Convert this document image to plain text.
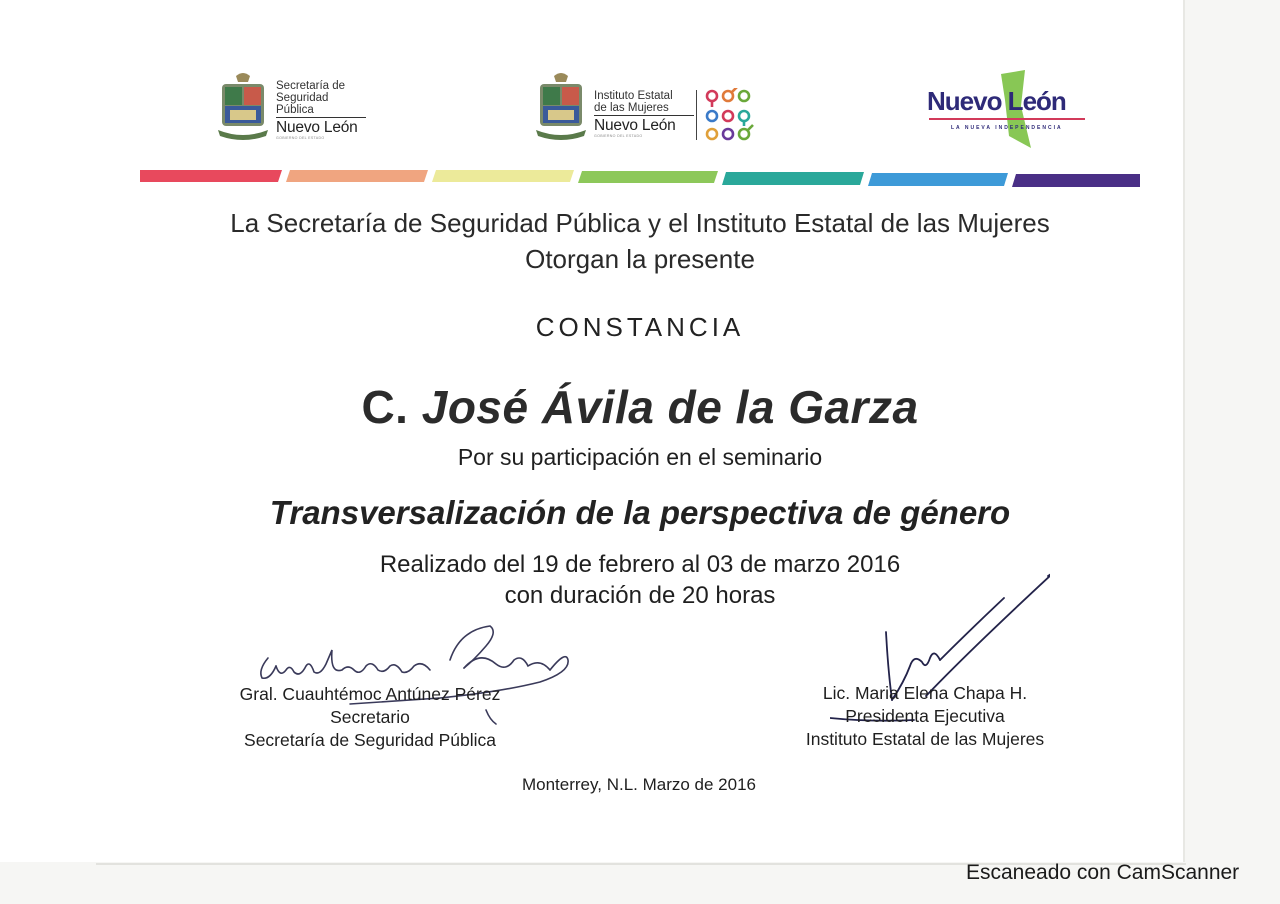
Secretaría de
Seguridad
Pública
Nuevo León
GOBIERNO DEL ESTADO
Instituto Estatal
de las Mujeres
Nuevo León
GOBIERNO DEL ESTADO
Nuevo León
LA NUEVA INDEPENDENCIA
La Secretaría de Seguridad Pública y el Instituto Estatal de las Mujeres
Otorgan la presente
CONSTANCIA
C. José Ávila de la Garza
Por su participación en el seminario
Transversalización de la perspectiva de género
Realizado del 19 de febrero al 03 de marzo 2016
con duración de 20 horas
Gral. Cuauhtémoc Antúnez Pérez
Secretario
Secretaría de Seguridad Pública
Lic. Maria Elena Chapa H.
Presidenta Ejecutiva
Instituto Estatal de las Mujeres
Monterrey, N.L. Marzo de 2016
Escaneado con CamScanner
